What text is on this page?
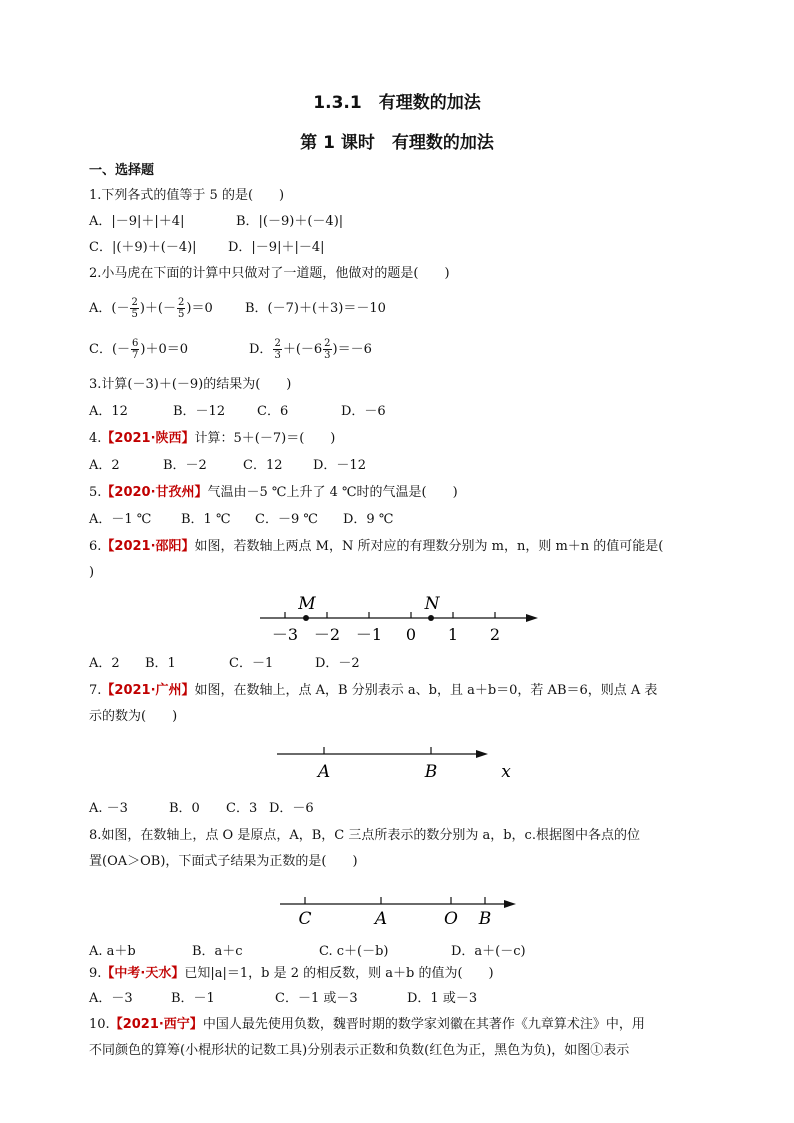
1.3.1　有理数的加法
第 1 课时　有理数的加法
一、选择题
1.下列各式的值等于 5 的是(　　)
A．|－9|＋|＋4|	B．|(－9)＋(－4)|
C．|(＋9)＋(－4)| D．|－9|＋|－4|
2.小马虎在下面的计算中只做对了一道题，他做对的题是(　　)
A．(－ $\frac{2}{5}$ )＋(－ $\frac{2}{5} )=0$ B．(－7)＋(＋3)＝－10
C．(－ $\frac{6}{7} )+0=0$	D． $\frac{2}{3} +(-6 \frac{2}{3} )=-6$
3.计算(－3)＋(－9)的结果为(　　)
A．12	B．－12 C．6	D．－6
4.【2021·陕西】计算：5＋(－7)＝(　　)
A．2	B．－2	C．12 D．－12
5.【2020·甘孜州】气温由－5 ℃上升了 4 ℃时的气温是(　　)
A．－1 ℃ B．1 ℃ C．－9 ℃ D．9 ℃
6.【2021·邵阳】如图，若数轴上两点 M，N 所对应的有理数分别为 m，n，则 m＋n 的值可能是(
)
M	N
－3 －2 －1 0 1 2
A．2 B．1	C．－1	D．－2
7.【2021·广州】如图，在数轴上，点 A，B 分别表示 a、b，且 a＋b＝0，若 AB＝6，则点 A 表
示的数为(　　)
A	B	x
A. －3	B．0 C．3 D．－6
8.如图，在数轴上，点 O 是原点，A，B，C 三点所表示的数分别为 a，b，c.根据图中各点的位
置(OA＞OB)，下面式子结果为正数的是(　　)
C	A	O B
A. a＋b	B．a＋c	C. c＋(－b)	D．a＋(－c)
9.【中考·天水】已知|a|＝1，b 是 2 的相反数，则 a＋b 的值为(　　)
A．－3	B．－1	C．－1 或－3	D．1 或－3
10.【2021·西宁】中国人最先使用负数，魏晋时期的数学家刘徽在其著作《九章算术注》中，用
不同颜色的算筹(小棍形状的记数工具)分别表示正数和负数(红色为正，黑色为负)，如图①表示
